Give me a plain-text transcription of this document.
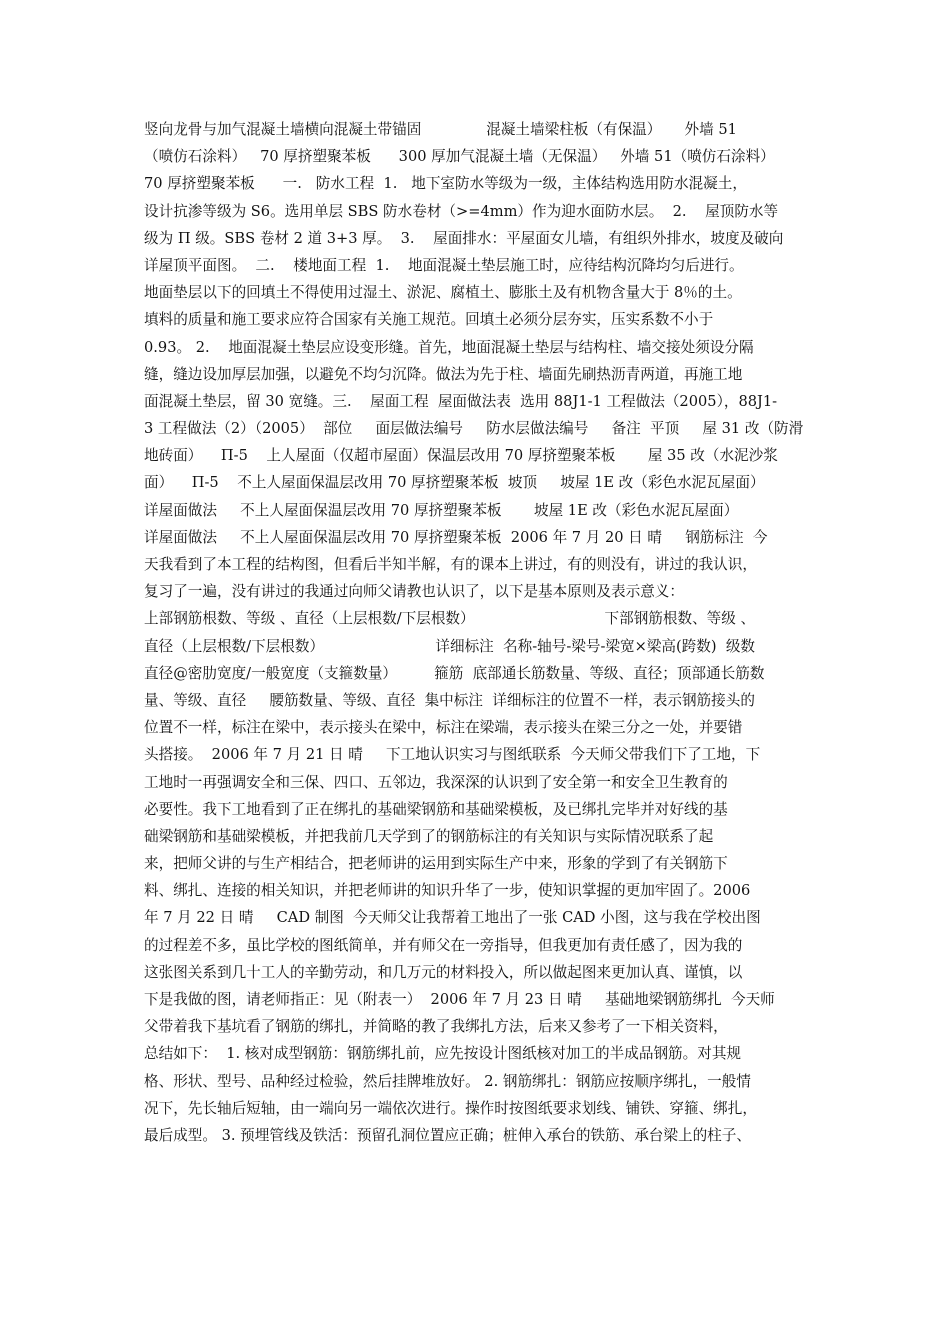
竖向龙骨与加气混凝土墙横向混凝土带锚固              混凝土墙梁柱板（有保温）     外墙 51
（喷仿石涂料）   70 厚挤塑聚苯板      300 厚加气混凝土墙（无保温）   外墙 51（喷仿石涂料）
70 厚挤塑聚苯板      一.   防水工程  1.   地下室防水等级为一级，主体结构选用防水混凝土，
设计抗渗等级为 S6。选用单层 SBS 防水卷材（>=4mm）作为迎水面防水层。  2.    屋顶防水等
级为 Π 级。SBS 卷材 2 道 3+3 厚。  3.    屋面排水：平屋面女儿墙，有组织外排水，坡度及破向
详屋顶平面图。  二.    楼地面工程  1.    地面混凝土垫层施工时，应待结构沉降均匀后进行。
地面垫层以下的回填土不得使用过湿土、淤泥、腐植土、膨胀土及有机物含量大于 8％的土。
填料的质量和施工要求应符合国家有关施工规范。回填土必须分层夯实，压实系数不小于
0.93。 2.    地面混凝土垫层应设变形缝。首先，地面混凝土垫层与结构柱、墙交接处须设分隔
缝，缝边设加厚层加强，以避免不均匀沉降。做法为先于柱、墙面先刷热沥青两道，再施工地
面混凝土垫层，留 30 宽缝。三.    屋面工程  屋面做法表  选用 88J1-1 工程做法（2005），88J1-
3 工程做法（2）（2005）  部位     面层做法编号     防水层做法编号     备注  平顶     屋 31 改（防滑
地砖面）    Π-5    上人屋面（仅超市屋面）保温层改用 70 厚挤塑聚苯板       屋 35 改（水泥沙浆
面）    Π-5    不上人屋面保温层改用 70 厚挤塑聚苯板  坡顶     坡屋 1E 改（彩色水泥瓦屋面）
详屋面做法     不上人屋面保温层改用 70 厚挤塑聚苯板       坡屋 1E 改（彩色水泥瓦屋面）
详屋面做法     不上人屋面保温层改用 70 厚挤塑聚苯板  2006 年 7 月 20 日 晴     钢筋标注  今
天我看到了本工程的结构图，但看后半知半解，有的课本上讲过，有的则没有，讲过的我认识，
复习了一遍，没有讲过的我通过向师父请教也认识了，以下是基本原则及表示意义：
上部钢筋根数、等级 、直径（上层根数/下层根数）                            下部钢筋根数、等级 、
直径（上层根数/下层根数）                        详细标注  名称-轴号-梁号-梁宽×梁高(跨数)  级数
直径@密肋宽度/一般宽度（支箍数量）        箍筋  底部通长筋数量、等级、直径；顶部通长筋数
量、等级、直径     腰筋数量、等级、直径  集中标注  详细标注的位置不一样，表示钢筋接头的
位置不一样，标注在梁中，表示接头在梁中，标注在梁端，表示接头在梁三分之一处，并要错
头搭接。  2006 年 7 月 21 日 晴     下工地认识实习与图纸联系  今天师父带我们下了工地，下
工地时一再强调安全和三保、四口、五邻边，我深深的认识到了安全第一和安全卫生教育的
必要性。我下工地看到了正在绑扎的基础梁钢筋和基础梁模板，及已绑扎完毕并对好线的基
础梁钢筋和基础梁模板，并把我前几天学到了的钢筋标注的有关知识与实际情况联系了起
来，把师父讲的与生产相结合，把老师讲的运用到实际生产中来，形象的学到了有关钢筋下
料、绑扎、连接的相关知识，并把老师讲的知识升华了一步，使知识掌握的更加牢固了。2006
年 7 月 22 日 晴     CAD 制图  今天师父让我帮着工地出了一张 CAD 小图，这与我在学校出图
的过程差不多，虽比学校的图纸简单，并有师父在一旁指导，但我更加有责任感了，因为我的
这张图关系到几十工人的辛勤劳动，和几万元的材料投入，所以做起图来更加认真、谨慎，以
下是我做的图，请老师指正：见（附表一）  2006 年 7 月 23 日 晴     基础地梁钢筋绑扎  今天师
父带着我下基坑看了钢筋的绑扎，并简略的教了我绑扎方法，后来又参考了一下相关资料，
总结如下：  1. 核对成型钢筋：钢筋绑扎前，应先按设计图纸核对加工的半成品钢筋。对其规
格、形状、型号、品种经过检验，然后挂牌堆放好。 2. 钢筋绑扎：钢筋应按顺序绑扎，一般情
况下，先长轴后短轴，由一端向另一端依次进行。操作时按图纸要求划线、铺铁、穿箍、绑扎，
最后成型。 3. 预埋管线及铁活：预留孔洞位置应正确；桩伸入承台的铁筋、承台梁上的柱子、
